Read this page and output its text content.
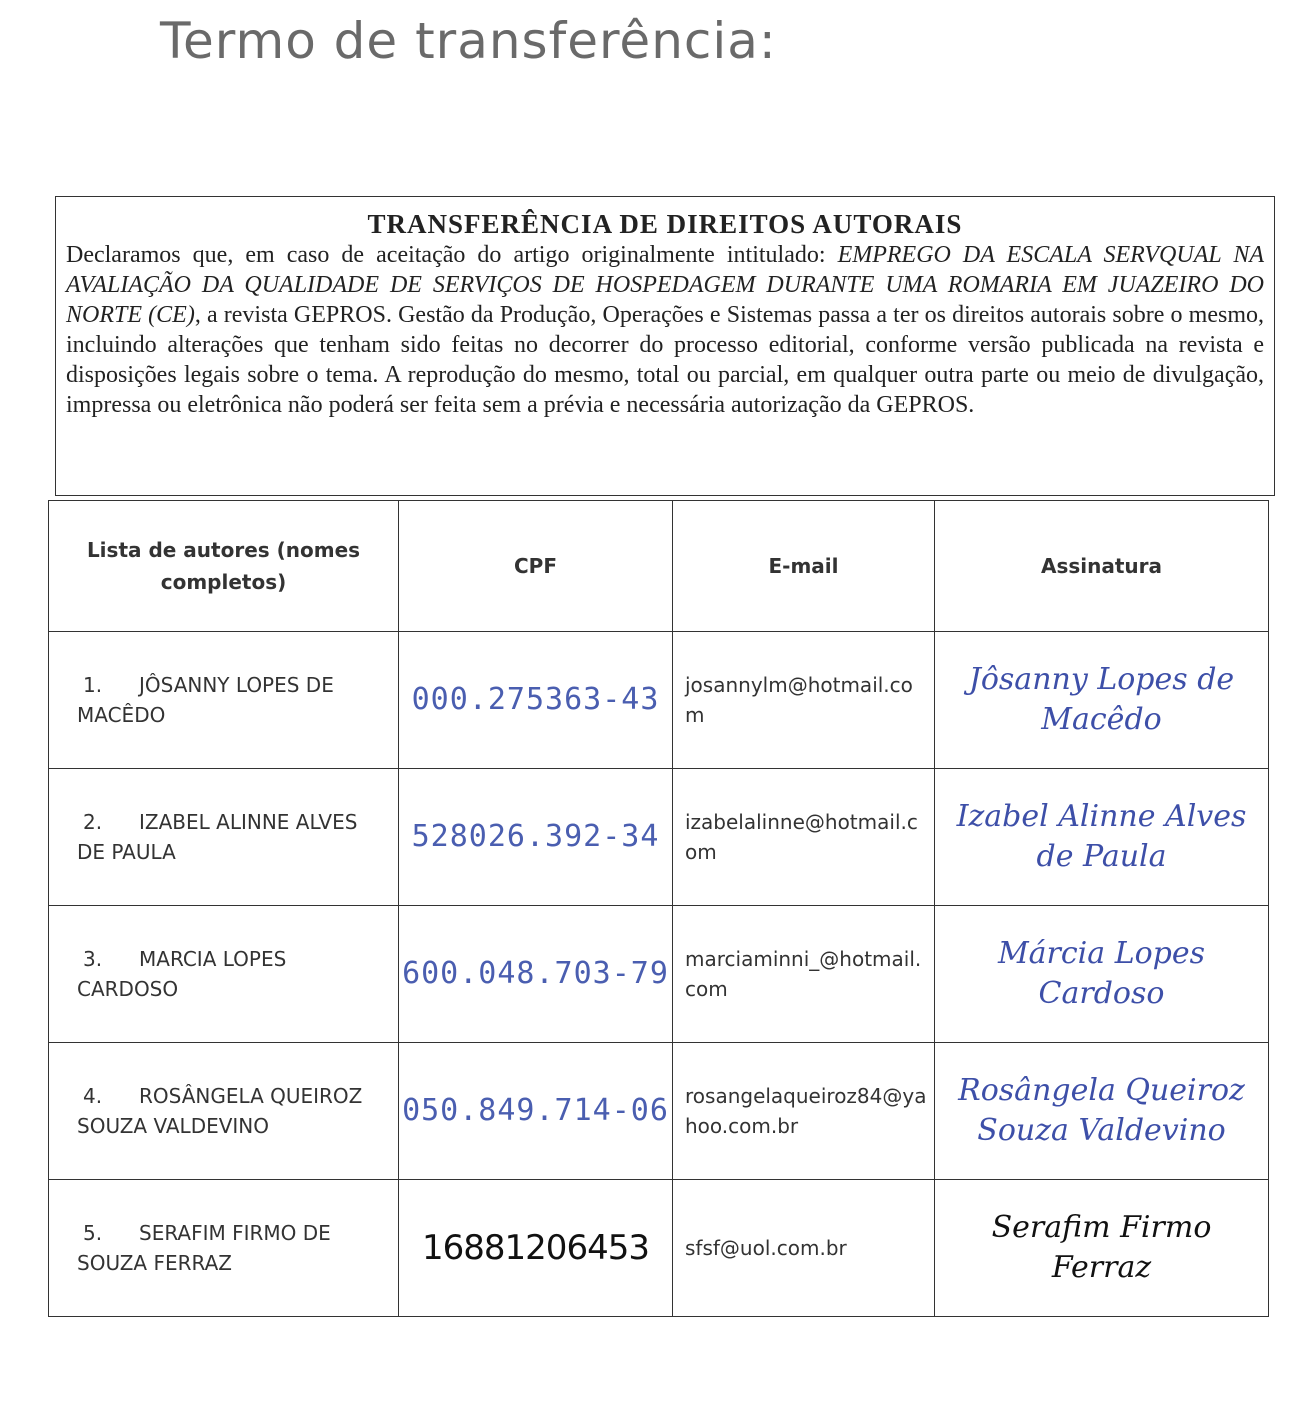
Termo de transferência:
TRANSFERÊNCIA DE DIREITOS AUTORAIS

Declaramos que, em caso de aceitação do artigo originalmente intitulado: EMPREGO DA ESCALA SERVQUAL NA AVALIAÇÃO DA QUALIDADE DE SERVIÇOS DE HOSPEDAGEM DURANTE UMA ROMARIA EM JUAZEIRO DO NORTE (CE), a revista GEPROS. Gestão da Produção, Operações e Sistemas passa a ter os direitos autorais sobre o mesmo, incluindo alterações que tenham sido feitas no decorrer do processo editorial, conforme versão publicada na revista e disposições legais sobre o tema. A reprodução do mesmo, total ou parcial, em qualquer outra parte ou meio de divulgação, impressa ou eletrônica não poderá ser feita sem a prévia e necessária autorização da GEPROS.

Lista de autores (nomes completos)	CPF	E-mail	Assinatura
1. JÔSANNY LOPES DE MACÊDO	000.275363-43	josannylm@hotmail.com	Jôsanny Lopes de Macêdo
2. IZABEL ALINNE ALVES DE PAULA	528026.392-34	izabelalinne@hotmail.com	Izabel Alinne Alves de Paula
3. MARCIA LOPES CARDOSO	600.048.703-79	marciaminni_@hotmail.com	Márcia Lopes Cardoso
4. ROSÂNGELA QUEIROZ SOUZA VALDEVINO	050.849.714-06	rosangelaqueiroz84@yahoo.com.br	Rosângela Queiroz Souza Valdevino
5. SERAFIM FIRMO DE SOUZA FERRAZ	16881206453	sfsf@uol.com.br	Serafim Firmo Ferraz
